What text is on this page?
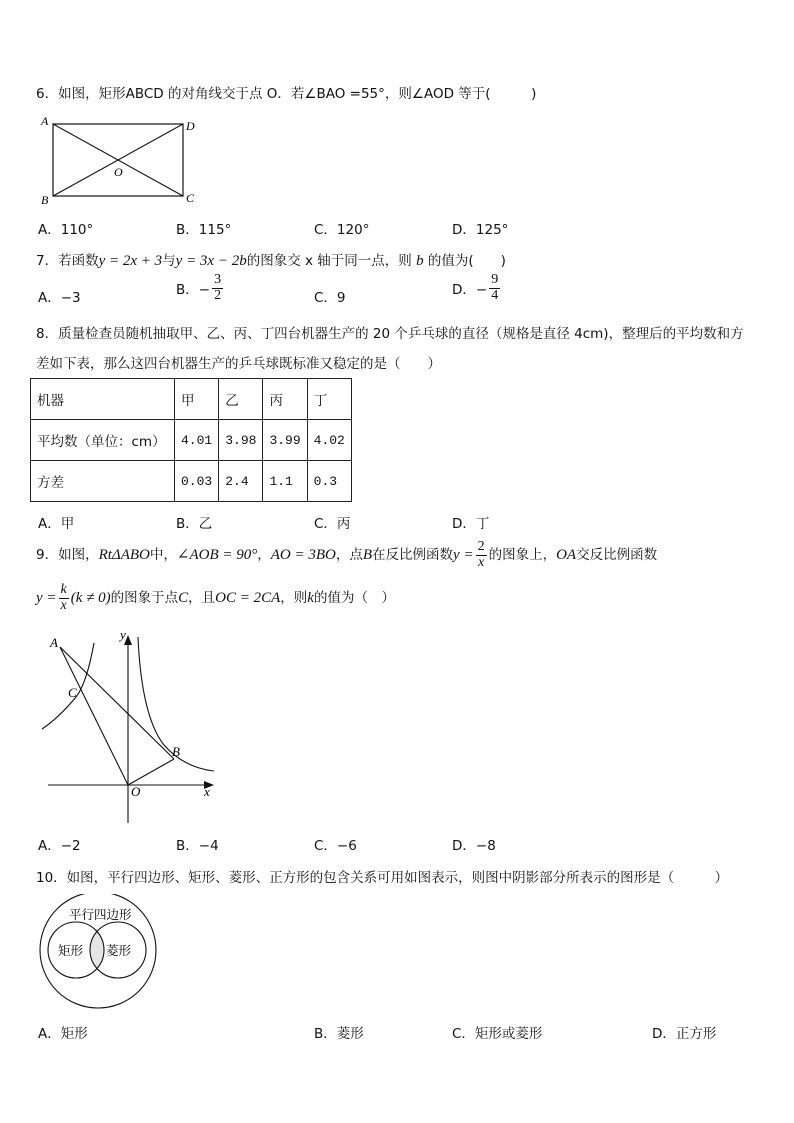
6．如图，矩形ABCD 的对角线交于点 O．若∠BAO =55°，则∠AOD 等于(　　　)
A	D
B	C
O
A．110°	B．115°	C．120°	D．125°
7．若函数y = 2x + 3与y = 3x − 2b的图象交 x 轴于同一点，则 b 的值为(　　)
A．−3	B．− $\frac{3}{2}$	C．9	D．− $\frac{9}{4}$
8．质量检查员随机抽取甲、乙、丙、丁四台机器生产的 20 个乒乓球的直径（规格是直径 4cm)，整理后的平均数和方
差如下表，那么这四台机器生产的乒乓球既标准又稳定的是（　　）
机器	甲	乙	丙	丁
平均数（单位：cm）	4.01	3.98	3.99	4.02
方差	0.03	2.4	1.1	0.3
A．甲	B．乙	C．丙	D．丁
9．如图，RtΔABO中，∠AOB = 90°，AO = 3BO，点B在反比例函数$y = \frac{2}{x}$ 的图象上，OA交反比例函数
$y = \frac{k}{x} (k \ne 0)$的图象于点C，且OC = 2CA，则k的值为（　）
A
C
B
O	x
y
A．−2	B．−4	C．−6	D．−8
10．如图，平行四边形、矩形、菱形、正方形的包含关系可用如图表示，则图中阴影部分所表示的图形是（　　　）
平行四边形
矩形 菱形
A．矩形	B．菱形	C．矩形或菱形	D．正方形
